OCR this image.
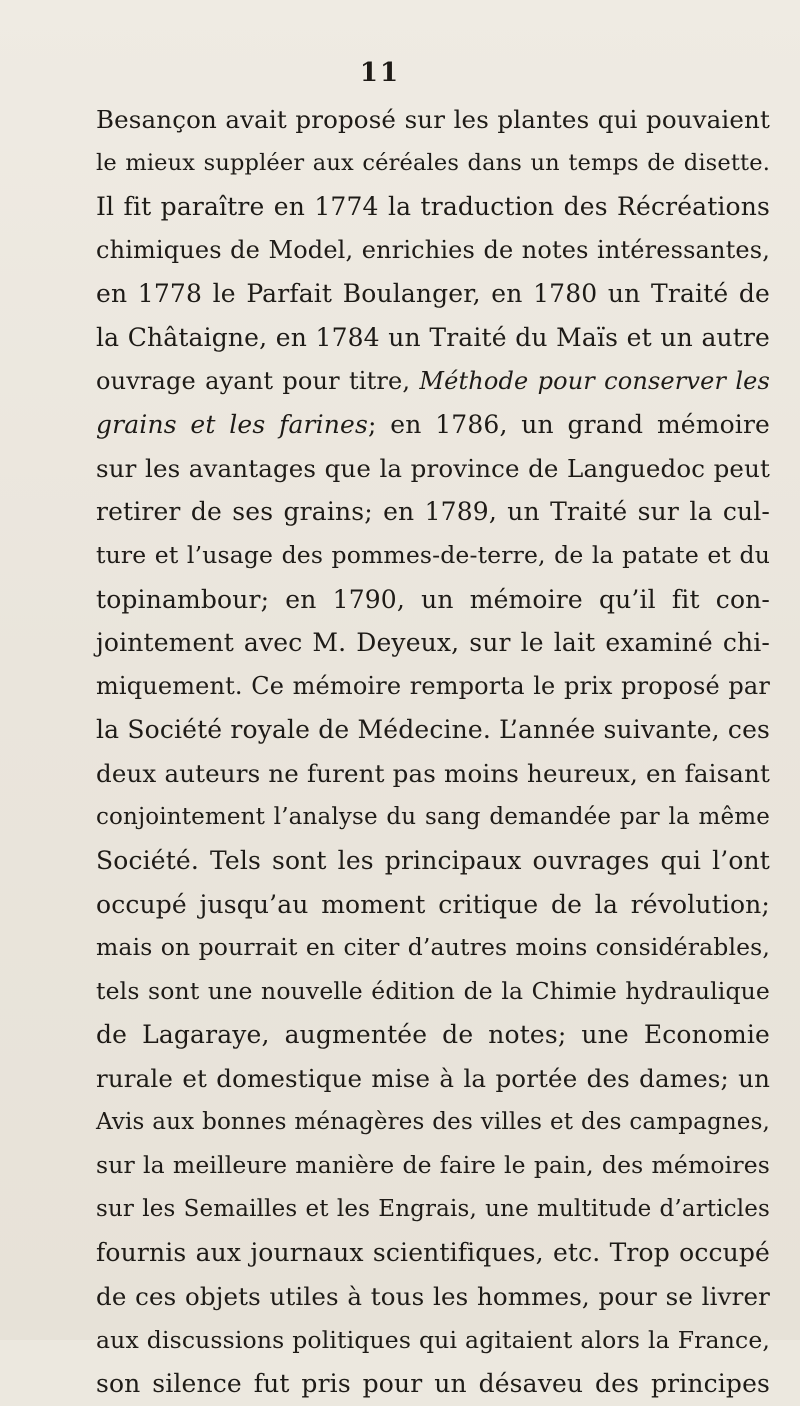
11
Besançon avait proposé sur les plantes qui pouvaient
le mieux suppléer aux céréales dans un temps de disette.
Il fit paraître en 1774 la traduction des Récréations
chimiques de Model, enrichies de notes intéressantes,
en 1778 le Parfait Boulanger, en 1780 un Traité de
la Châtaigne, en 1784 un Traité du Maïs et un autre
ouvrage ayant pour titre, Méthode pour conserver les
grains et les farines; en 1786, un grand mémoire
sur les avantages que la province de Languedoc peut
retirer de ses grains; en 1789, un Traité sur la cul-
ture et l’usage des pommes-de-terre, de la patate et du
topinambour; en 1790, un mémoire qu’il fit con-
jointement avec M. Deyeux, sur le lait examiné chi-
miquement. Ce mémoire remporta le prix proposé par
la Société royale de Médecine. L’année suivante, ces
deux auteurs ne furent pas moins heureux, en faisant
conjointement l’analyse du sang demandée par la même
Société. Tels sont les principaux ouvrages qui l’ont
occupé jusqu’au moment critique de la révolution;
mais on pourrait en citer d’autres moins considérables,
tels sont une nouvelle édition de la Chimie hydraulique
de Lagaraye, augmentée de notes; une Economie
rurale et domestique mise à la portée des dames; un
Avis aux bonnes ménagères des villes et des campagnes,
sur la meilleure manière de faire le pain, des mémoires
sur les Semailles et les Engrais, une multitude d’articles
fournis aux journaux scientifiques, etc. Trop occupé
de ces objets utiles à tous les hommes, pour se livrer
aux discussions politiques qui agitaient alors la France,
son silence fut pris pour un désaveu des principes
